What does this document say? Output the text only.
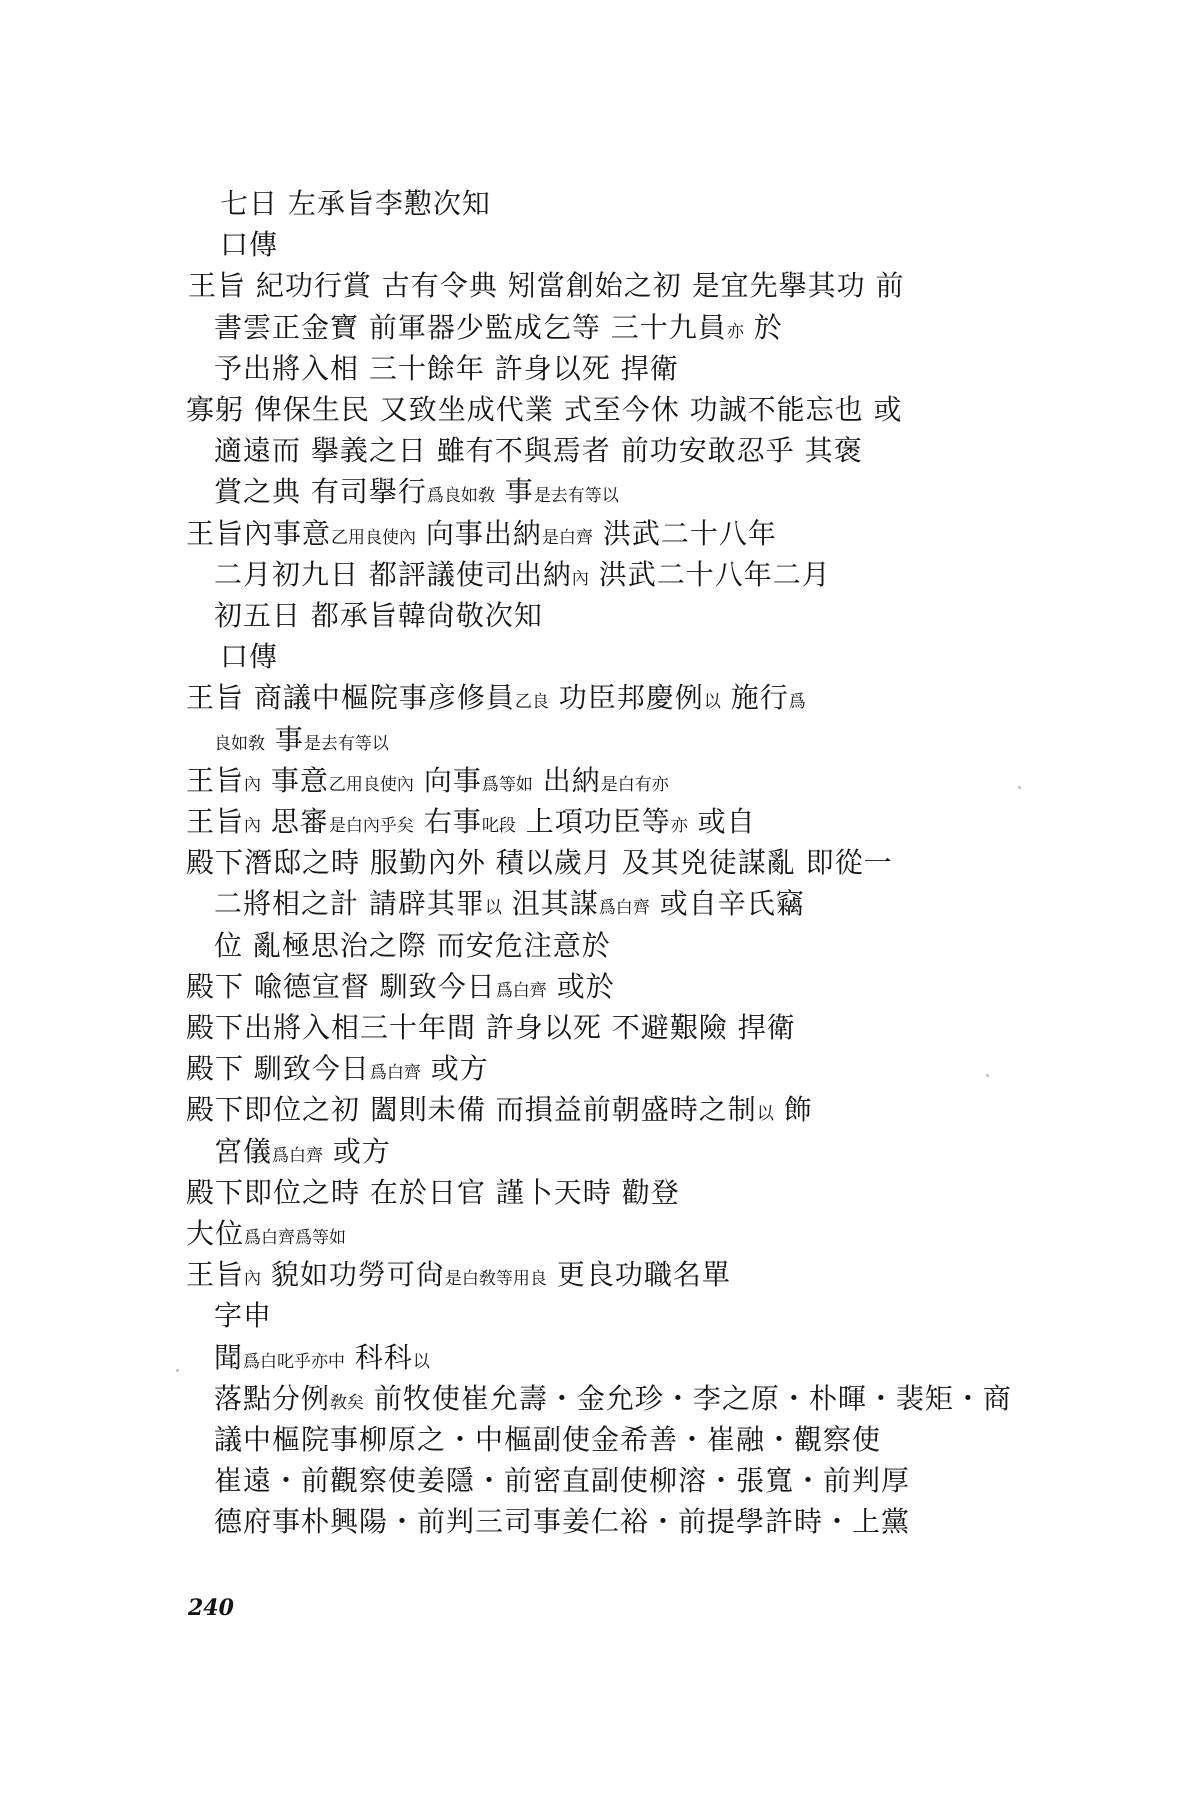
七日 左承旨李懃次知
口傳
王旨 紀功行賞 古有令典 矧當創始之初 是宜先擧其功 前
書雲正金寶 前軍器少監成乞等 三十九員亦 於
予出將入相 三十餘年 許身以死 捍衛
寡躬 俾保生民 又致坐成代業 式至今休 功誠不能忘也 或
適遠而 擧義之日 雖有不與焉者 前功安敢忍乎 其褒
賞之典 有司擧行爲良如敎 事是去有等以
王旨內事意乙用良使內 向事出納是白齊 洪武二十八年
二月初九日 都評議使司出納內 洪武二十八年二月
初五日 都承旨韓尙敬次知
口傳
王旨 商議中樞院事彦修員乙良 功臣邦慶例以 施行爲
良如敎 事是去有等以
王旨內 事意乙用良使內 向事爲等如 出納是白有亦
王旨內 思審是白內乎矣 右事叱段 上項功臣等亦 或自
殿下潛邸之時 服勤內外 積以歲月 及其兇徒謀亂 即從一
二將相之計 請辟其罪以 沮其謀爲白齊 或自辛氏竊
位 亂極思治之際 而安危注意於
殿下 喩德宣督 馴致今日爲白齊 或於
殿下出將入相三十年間 許身以死 不避艱險 捍衛
殿下 馴致今日爲白齊 或方
殿下即位之初 闔則未備 而損益前朝盛時之制以 飾
宮儀爲白齊 或方
殿下即位之時 在於日官 謹卜天時 勸登
大位爲白齊爲等如
王旨內 貌如功勞可尙是白敎等用良 更良功職名單
字申
聞爲白叱乎亦中 科科以
落點分例敎矣 前牧使崔允壽・金允珍・李之原・朴暉・裴矩・商
議中樞院事柳原之・中樞副使金希善・崔融・觀察使
崔遠・前觀察使姜隱・前密直副使柳溶・張寬・前判厚
德府事朴興陽・前判三司事姜仁裕・前提學許時・上黨
240
